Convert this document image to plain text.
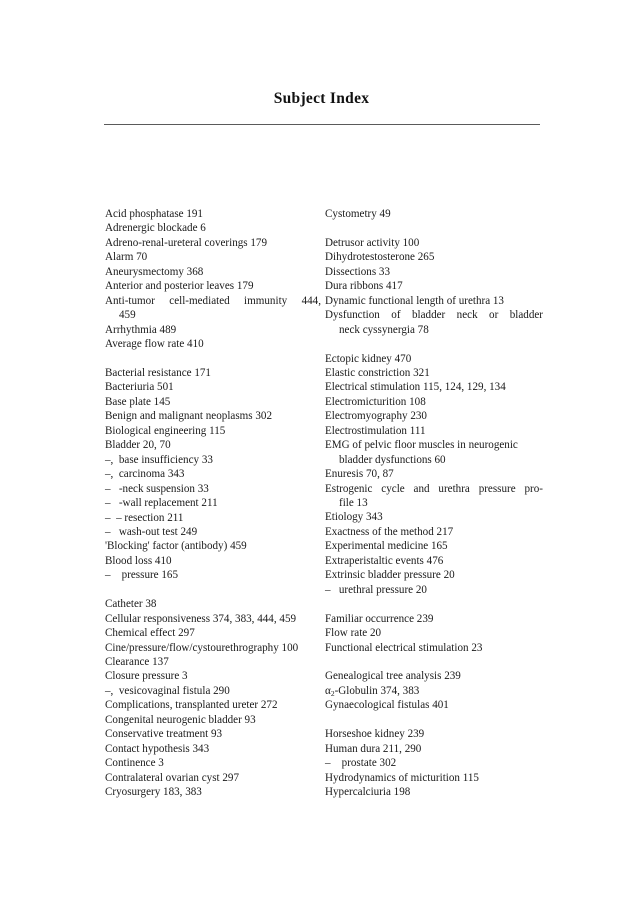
Subject Index
Acid phosphatase 191
Adrenergic blockade 6
Adreno-renal-ureteral coverings 179
Alarm 70
Aneurysmectomy 368
Anterior and posterior leaves 179
Anti-tumor cell-mediated immunity 444,
459
Arrhythmia 489
Average flow rate 410
Bacterial resistance 171
Bacteriuria 501
Base plate 145
Benign and malignant neoplasms 302
Biological engineering 115
Bladder 20, 70
–,  base insufficiency 33
–,  carcinoma 343
–   -neck suspension 33
–   -wall replacement 211
–  – resection 211
–   wash-out test 249
'Blocking' factor (antibody) 459
Blood loss 410
–    pressure 165
Catheter 38
Cellular responsiveness 374, 383, 444, 459
Chemical effect 297
Cine/pressure/flow/cystourethrography 100
Clearance 137
Closure pressure 3
–,  vesicovaginal fistula 290
Complications, transplanted ureter 272
Congenital neurogenic bladder 93
Conservative treatment 93
Contact hypothesis 343
Continence 3
Contralateral ovarian cyst 297
Cryosurgery 183, 383
Cystometry 49
Detrusor activity 100
Dihydrotestosterone 265
Dissections 33
Dura ribbons 417
Dynamic functional length of urethra 13
Dysfunction of bladder neck or bladder
neck cyssynergia 78
Ectopic kidney 470
Elastic constriction 321
Electrical stimulation 115, 124, 129, 134
Electromicturition 108
Electromyography 230
Electrostimulation 111
EMG of pelvic floor muscles in neurogenic
bladder dysfunctions 60
Enuresis 70, 87
Estrogenic cycle and urethra pressure pro-
file 13
Etiology 343
Exactness of the method 217
Experimental medicine 165
Extraperistaltic events 476
Extrinsic bladder pressure 20
–   urethral pressure 20
Familiar occurrence 239
Flow rate 20
Functional electrical stimulation 23
Genealogical tree analysis 239
$\alpha_2$-Globulin 374, 383
Gynaecological fistulas 401
Horseshoe kidney 239
Human dura 211, 290
–    prostate 302
Hydrodynamics of micturition 115
Hypercalciuria 198
